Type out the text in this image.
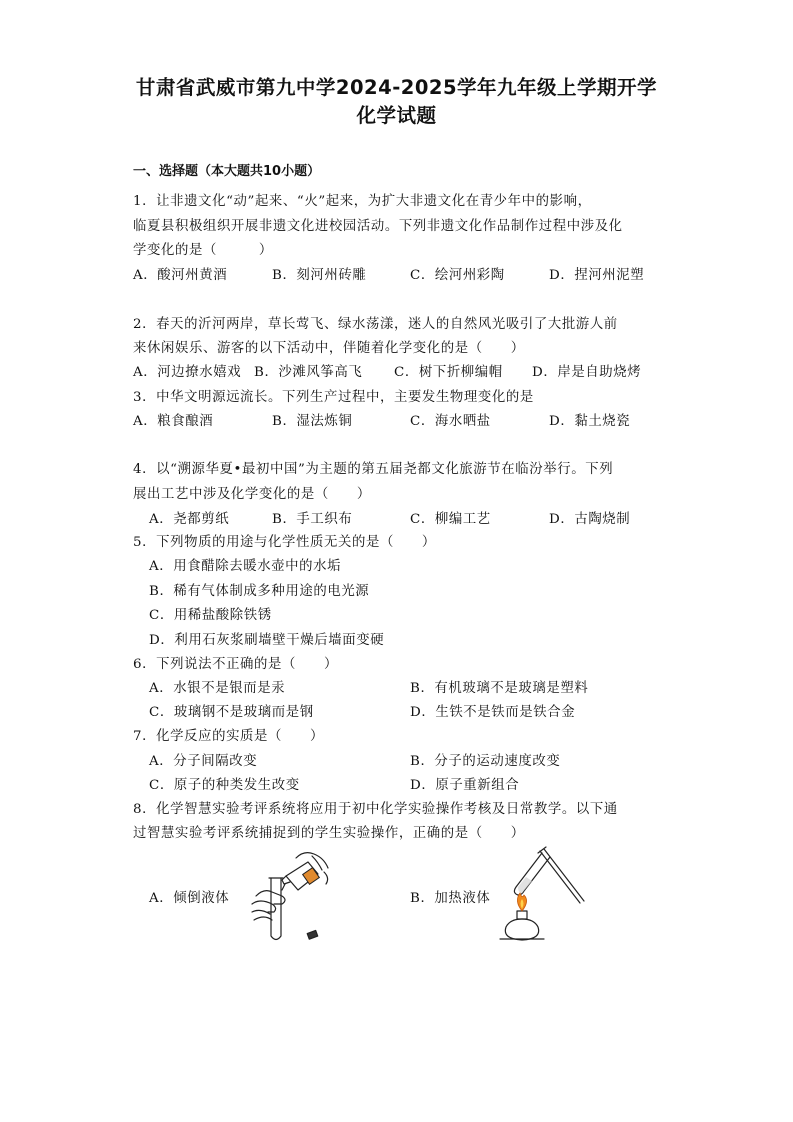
甘肃省武威市第九中学2024-2025学年九年级上学期开学
化学试题
一、选择题（本大题共10小题）
1．让非遗文化“动”起来、“火”起来，为扩大非遗文化在青少年中的影响，
临夏县积极组织开展非遗文化进校园活动。下列非遗文化作品制作过程中涉及化
学变化的是（　　　）
A．酸河州黄酒	B．刻河州砖雕	C．绘河州彩陶	D．捏河州泥塑
2．春天的沂河两岸，草长莺飞、绿水荡漾，迷人的自然风光吸引了大批游人前
来休闲娱乐、游客的以下活动中，伴随着化学变化的是（　　）
A．河边撩水嬉戏 B．沙滩风筝高飞 C．树下折柳编帽 D．岸是自助烧烤
3．中华文明源远流长。下列生产过程中，主要发生物理变化的是
A．粮食酿酒	B．湿法炼铜	C．海水晒盐	D．黏土烧瓷
4．以“溯源华夏•最初中国”为主题的第五届尧都文化旅游节在临汾举行。下列
展出工艺中涉及化学变化的是（　　）
A．尧都剪纸	B．手工织布	C．柳编工艺	D．古陶烧制
5．下列物质的用途与化学性质无关的是（　　）
A．用食醋除去暖水壶中的水垢
B．稀有气体制成多种用途的电光源
C．用稀盐酸除铁锈
D．利用石灰浆刷墙壁干燥后墙面变硬
6．下列说法不正确的是（　　）
A．水银不是银而是汞	B．有机玻璃不是玻璃是塑料
C．玻璃钢不是玻璃而是钢	D．生铁不是铁而是铁合金
7．化学反应的实质是（　　）
A．分子间隔改变	B．分子的运动速度改变
C．原子的种类发生改变	D．原子重新组合
8．化学智慧实验考评系统将应用于初中化学实验操作考核及日常教学。以下通
过智慧实验考评系统捕捉到的学生实验操作，正确的是（　　）
A．倾倒液体	B．加热液体
